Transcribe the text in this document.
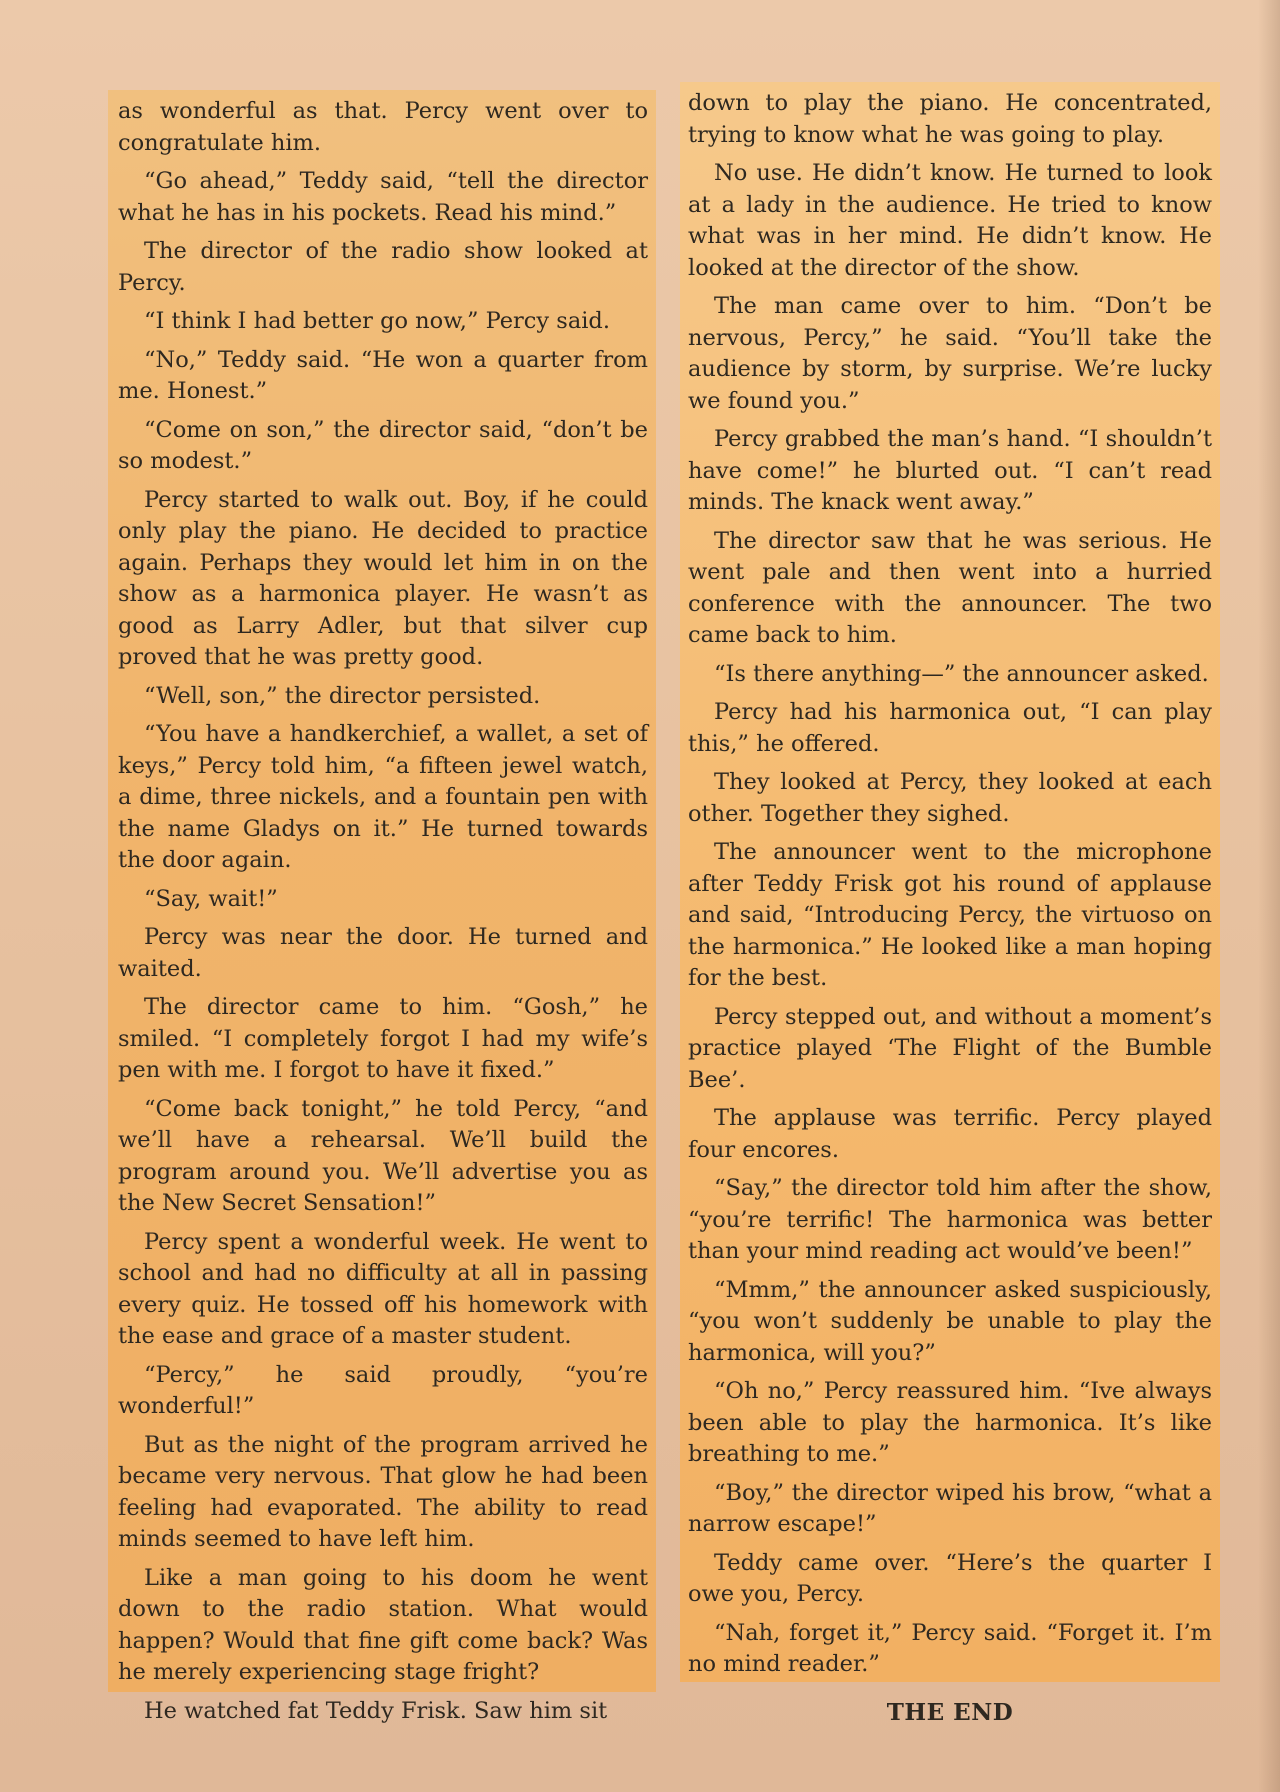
as wonderful as that. Percy went over to congratulate him.

“Go ahead,” Teddy said, “tell the director what he has in his pockets. Read his mind.”

The director of the radio show looked at Percy.

“I think I had better go now,” Percy said.

“No,” Teddy said. “He won a quarter from me. Honest.”

“Come on son,” the director said, “don’t be so modest.”

Percy started to walk out. Boy, if he could only play the piano. He decided to practice again. Perhaps they would let him in on the show as a harmonica player. He wasn’t as good as Larry Adler, but that silver cup proved that he was pretty good.

“Well, son,” the director persisted.

“You have a handkerchief, a wallet, a set of keys,” Percy told him, “a fifteen jewel watch, a dime, three nickels, and a fountain pen with the name Gladys on it.” He turned towards the door again.

“Say, wait!”

Percy was near the door. He turned and waited.

The director came to him. “Gosh,” he smiled. “I completely forgot I had my wife’s pen with me. I forgot to have it fixed.”

“Come back tonight,” he told Percy, “and we’ll have a rehearsal. We’ll build the program around you. We’ll advertise you as the New Secret Sensation!”

Percy spent a wonderful week. He went to school and had no difficulty at all in passing every quiz. He tossed off his homework with the ease and grace of a master student.

“Percy,” he said proudly, “you’re wonderful!”

But as the night of the program arrived he became very nervous. That glow he had been feeling had evaporated. The ability to read minds seemed to have left him.

Like a man going to his doom he went down to the radio station. What would happen? Would that fine gift come back? Was he merely experiencing stage fright?

He watched fat Teddy Frisk. Saw him sit

down to play the piano. He concentrated, trying to know what he was going to play.

No use. He didn’t know. He turned to look at a lady in the audience. He tried to know what was in her mind. He didn’t know. He looked at the director of the show.

The man came over to him. “Don’t be nervous, Percy,” he said. “You’ll take the audience by storm, by surprise. We’re lucky we found you.”

Percy grabbed the man’s hand. “I shouldn’t have come!” he blurted out. “I can’t read minds. The knack went away.”

The director saw that he was serious. He went pale and then went into a hurried conference with the announcer. The two came back to him.

“Is there anything—” the announcer asked.

Percy had his harmonica out, “I can play this,” he offered.

They looked at Percy, they looked at each other. Together they sighed.

The announcer went to the microphone after Teddy Frisk got his round of applause and said, “Introducing Percy, the virtuoso on the harmonica.” He looked like a man hoping for the best.

Percy stepped out, and without a moment’s practice played ‘The Flight of the Bumble Bee’.

The applause was terrific. Percy played four encores.

“Say,” the director told him after the show, “you’re terrific! The harmonica was better than your mind reading act would’ve been!”

“Mmm,” the announcer asked suspiciously, “you won’t suddenly be unable to play the harmonica, will you?”

“Oh no,” Percy reassured him. “Ive always been able to play the harmonica. It’s like breathing to me.”

“Boy,” the director wiped his brow, “what a narrow escape!”

Teddy came over. “Here’s the quarter I owe you, Percy.

“Nah, forget it,” Percy said. “Forget it. I’m no mind reader.”

THE END
